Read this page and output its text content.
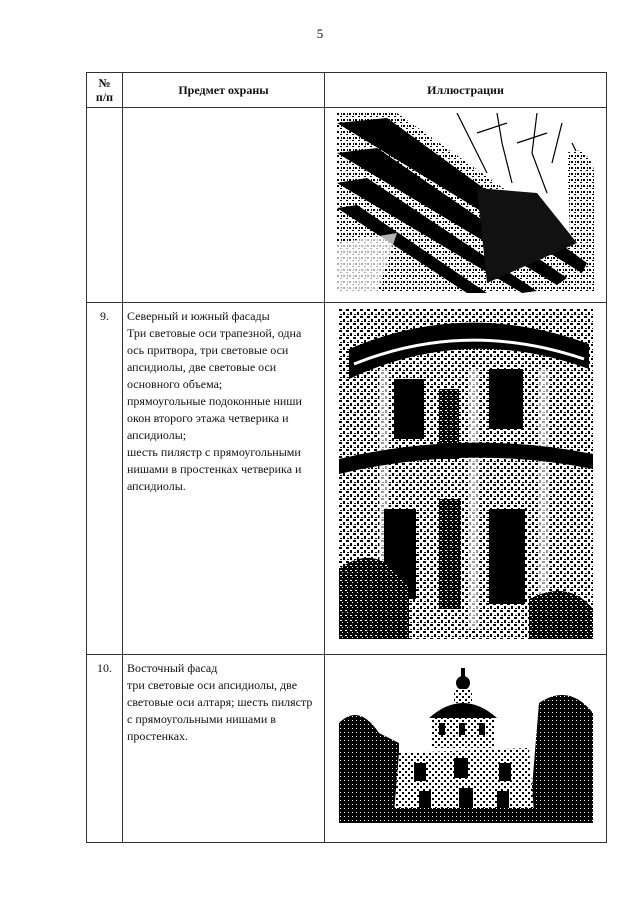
5
№
п/п	Предмет охраны	Иллюстрации

9.	Северный и южный фасады
Три световые оси трапезной, одна ось притвора, три световые оси апсидиолы, две световые оси основного объема;
прямоугольные подоконные ниши окон второго этажа четверика и апсидиолы;
шесть пилястр с прямоугольными нишами в простенках четверика и апсидиолы.

10.	Восточный фасад
три световые оси апсидиолы, две световые оси алтаря; шесть пилястр с прямоугольными нишами в простенках.
